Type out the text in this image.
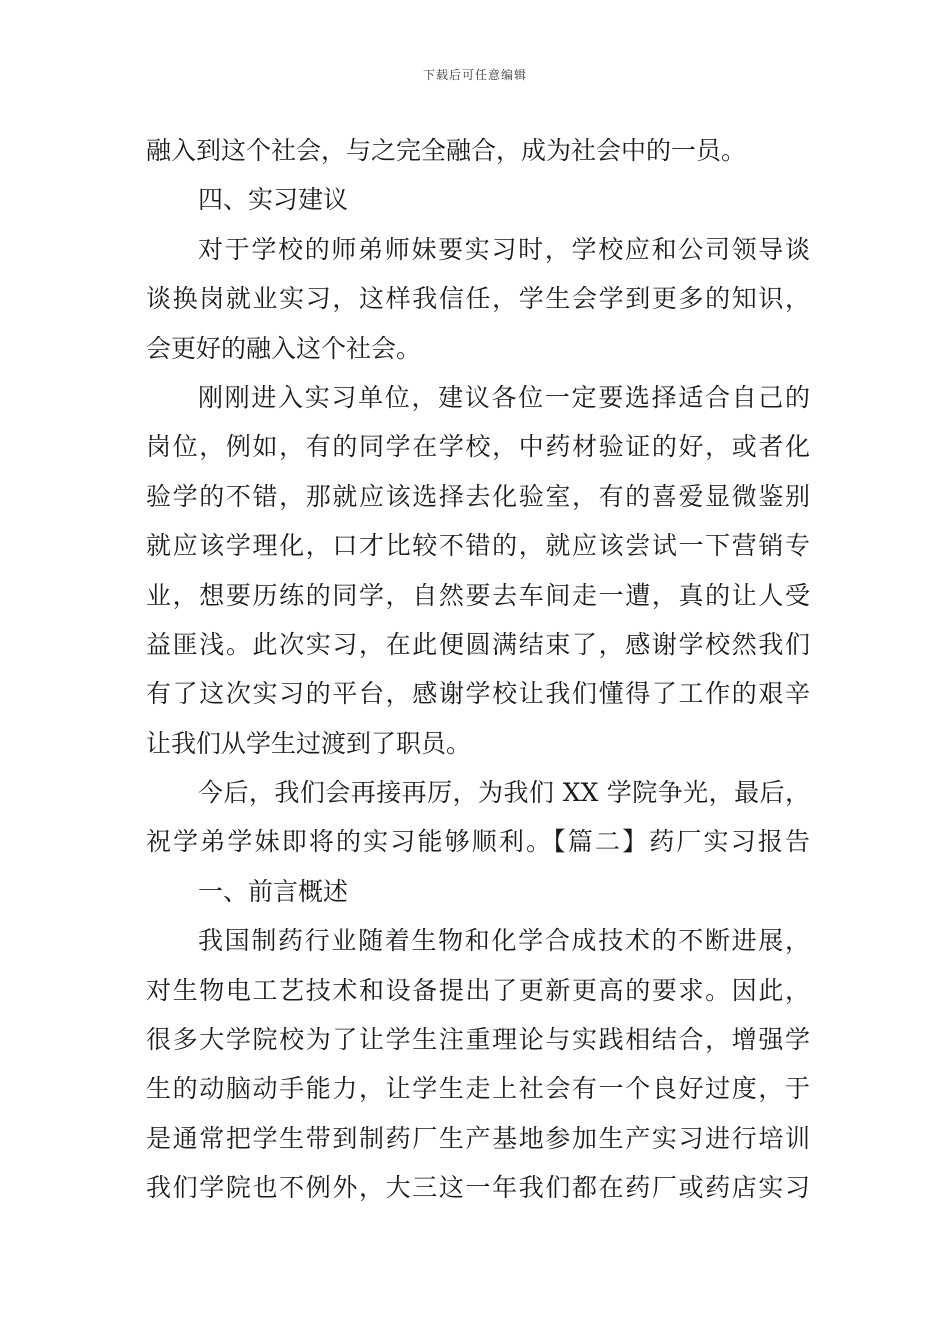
下载后可任意编辑
融入到这个社会，与之完全融合，成为社会中的一员。
四、实习建议
对于学校的师弟师妹要实习时，学校应和公司领导谈
谈换岗就业实习，这样我信任，学生会学到更多的知识，
会更好的融入这个社会。
刚刚进入实习单位，建议各位一定要选择适合自己的
岗位，例如，有的同学在学校，中药材验证的好，或者化
验学的不错，那就应该选择去化验室，有的喜爱显微鉴别
就应该学理化，口才比较不错的，就应该尝试一下营销专
业，想要历练的同学，自然要去车间走一遭，真的让人受
益匪浅。此次实习，在此便圆满结束了，感谢学校然我们
有了这次实习的平台，感谢学校让我们懂得了工作的艰辛
让我们从学生过渡到了职员。
今后，我们会再接再厉，为我们 XX 学院争光，最后，
祝学弟学妹即将的实习能够顺利。【篇二】药厂实习报告
一、前言概述
我国制药行业随着生物和化学合成技术的不断进展，
对生物电工艺技术和设备提出了更新更高的要求。因此，
很多大学院校为了让学生注重理论与实践相结合，增强学
生的动脑动手能力，让学生走上社会有一个良好过度，于
是通常把学生带到制药厂生产基地参加生产实习进行培训
我们学院也不例外，大三这一年我们都在药厂或药店实习
